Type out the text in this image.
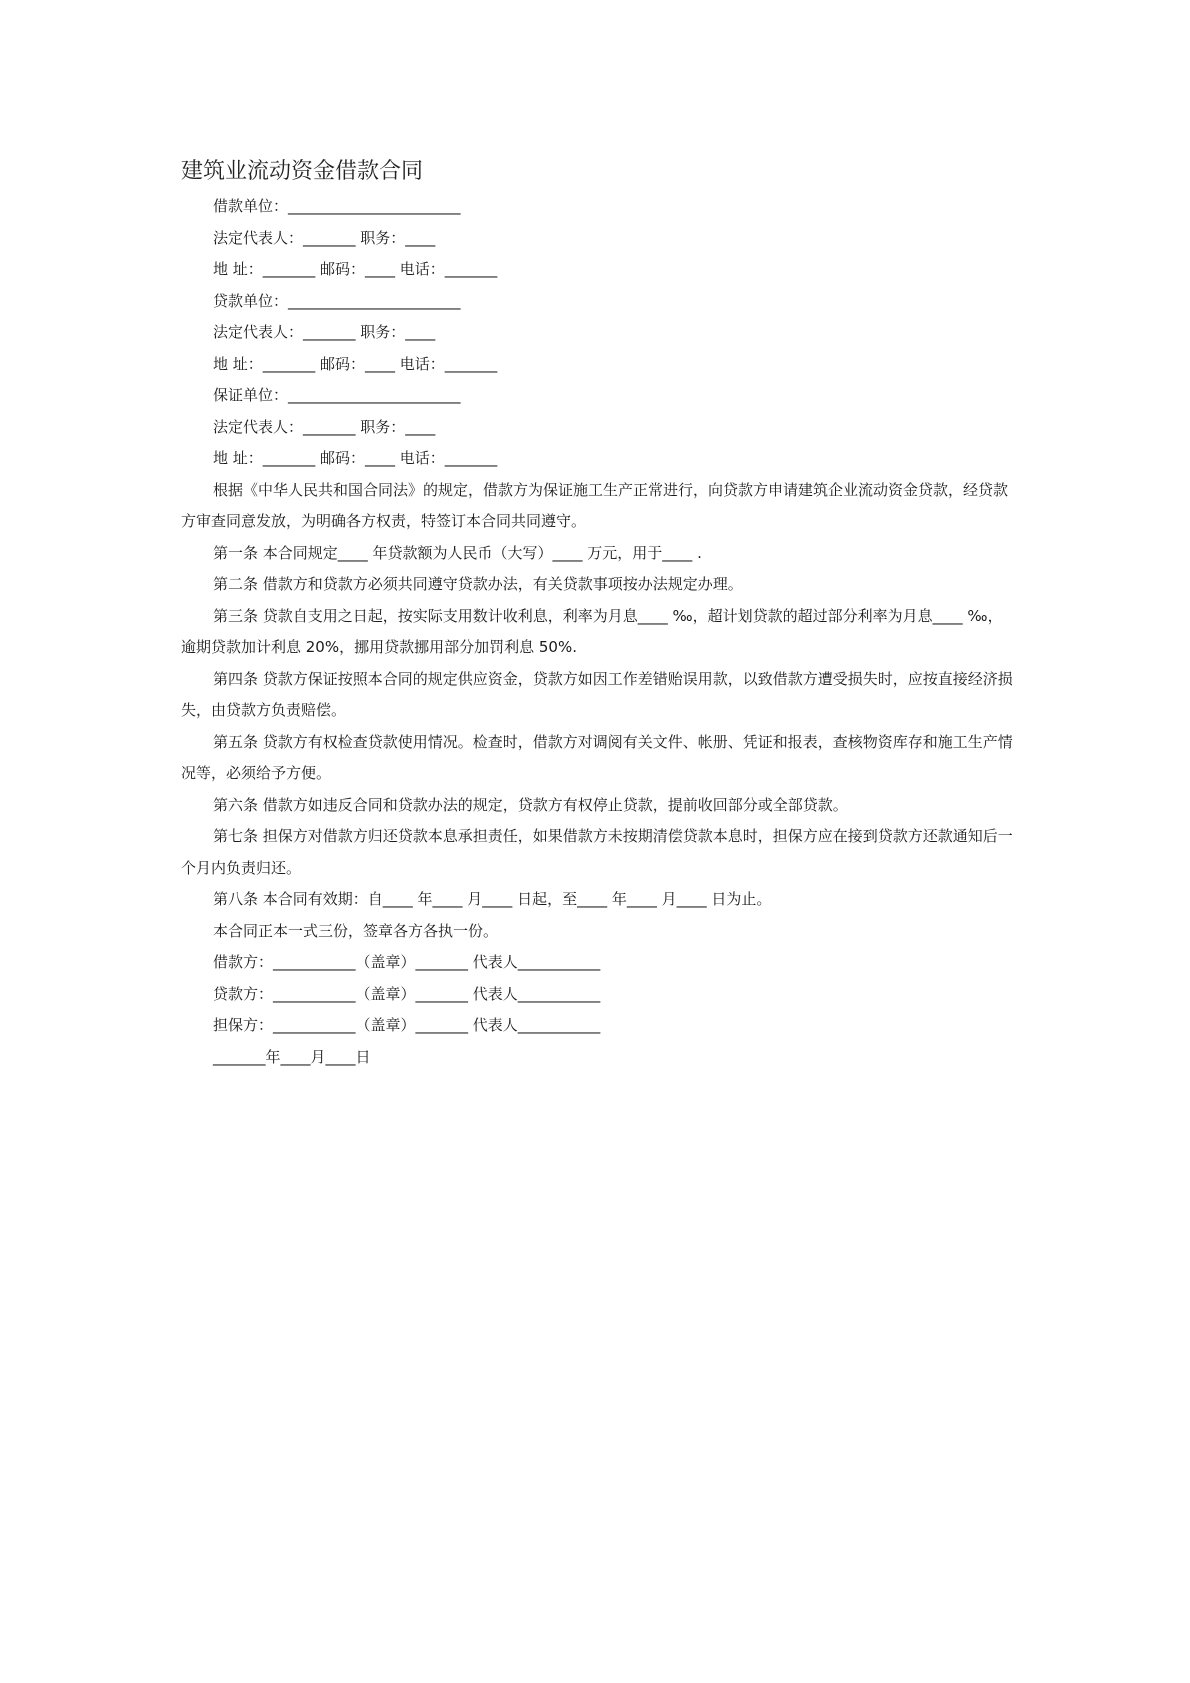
建筑业流动资金借款合同

借款单位：_______________________

法定代表人：_______ 职务：____

地 址：_______ 邮码：____ 电话：_______

贷款单位：_______________________

法定代表人：_______ 职务：____

地 址：_______ 邮码：____ 电话：_______

保证单位：_______________________

法定代表人：_______ 职务：____

地 址：_______ 邮码：____ 电话：_______

根据《中华人民共和国合同法》的规定，借款方为保证施工生产正常进行，向贷款方申请建筑企业流动资金贷款，经贷款方审查同意发放，为明确各方权责，特签订本合同共同遵守。

第一条 本合同规定____ 年贷款额为人民币（大写）____ 万元，用于____ .

第二条 借款方和贷款方必须共同遵守贷款办法，有关贷款事项按办法规定办理。

第三条 贷款自支用之日起，按实际支用数计收利息，利率为月息____ ‰，超计划贷款的超过部分利率为月息____ ‰，逾期贷款加计利息 20%，挪用贷款挪用部分加罚利息 50%.

第四条 贷款方保证按照本合同的规定供应资金，贷款方如因工作差错贻误用款，以致借款方遭受损失时，应按直接经济损失，由贷款方负责赔偿。

第五条 贷款方有权检查贷款使用情况。检查时，借款方对调阅有关文件、帐册、凭证和报表，查核物资库存和施工生产情况等，必须给予方便。

第六条 借款方如违反合同和贷款办法的规定，贷款方有权停止贷款，提前收回部分或全部贷款。

第七条 担保方对借款方归还贷款本息承担责任，如果借款方未按期清偿贷款本息时，担保方应在接到贷款方还款通知后一个月内负责归还。

第八条 本合同有效期：自____ 年____ 月____ 日起，至____ 年____ 月____ 日为止。

本合同正本一式三份，签章各方各执一份。

借款方：___________（盖章）_______ 代表人___________

贷款方：___________（盖章）_______ 代表人___________

担保方：___________（盖章）_______ 代表人___________

_______年____月____日
